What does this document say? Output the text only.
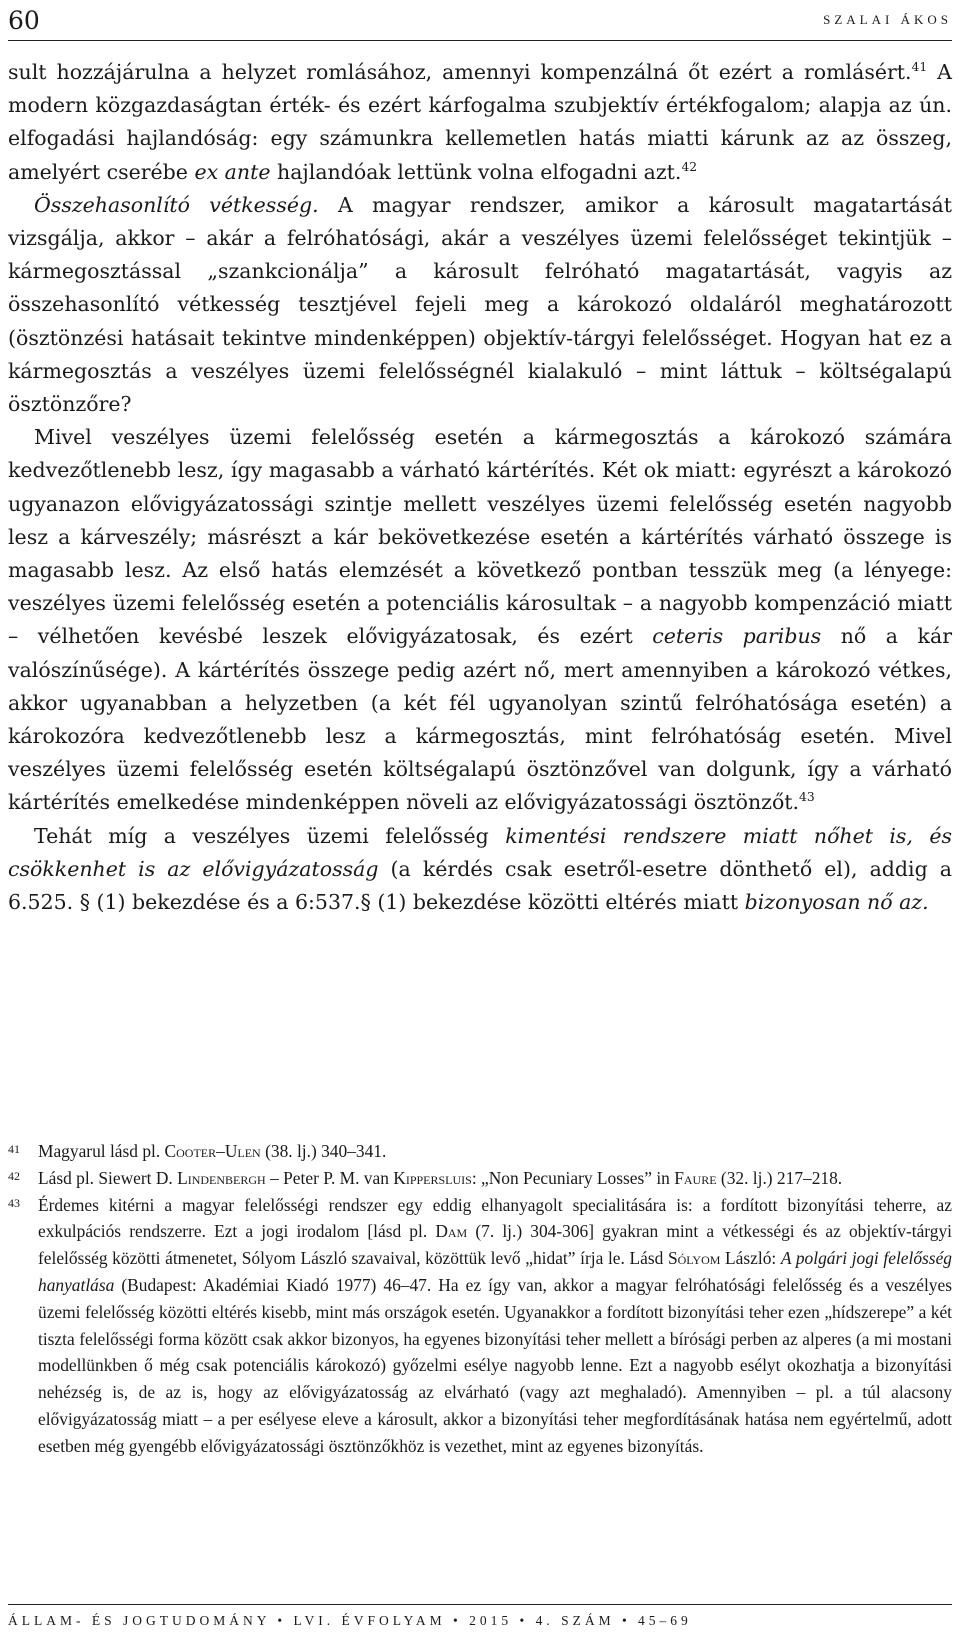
60	SZALAI ÁKOS

sult hozzájárulna a helyzet romlásához, amennyi kompenzálná őt ezért a romlásért.$^{41}$ A modern közgazdaságtan érték- és ezért kárfogalma szubjektív értékfogalom; alapja az ún. elfogadási hajlandóság: egy számunkra kellemetlen hatás miatti kárunk az az összeg, amelyért cserébe ex ante hajlandóak lettünk volna elfogadni azt.$^{42}$

Összehasonlító vétkesség. A magyar rendszer, amikor a károsult magatartását vizsgálja, akkor – akár a felróhatósági, akár a veszélyes üzemi felelősséget tekintjük – kármegosztással „szankcionálja” a károsult felróható magatartását, vagyis az összehasonlító vétkesség tesztjével fejeli meg a károkozó oldaláról meghatározott (ösztönzési hatásait tekintve mindenképpen) objektív-tárgyi felelősséget. Hogyan hat ez a kármegosztás a veszélyes üzemi felelősségnél kialakuló – mint láttuk – költségalapú ösztönzőre?

Mivel veszélyes üzemi felelősség esetén a kármegosztás a károkozó számára kedvezőtlenebb lesz, így magasabb a várható kártérítés. Két ok miatt: egyrészt a károkozó ugyanazon elővigyázatossági szintje mellett veszélyes üzemi felelősség esetén nagyobb lesz a kárveszély; másrészt a kár bekövetkezése esetén a kártérítés várható összege is magasabb lesz. Az első hatás elemzését a következő pontban tesszük meg (a lényege: veszélyes üzemi felelősség esetén a potenciális károsultak – a nagyobb kompenzáció miatt – vélhetően kevésbé leszek elővigyázatosak, és ezért ceteris paribus nő a kár valószínűsége). A kártérítés összege pedig azért nő, mert amennyiben a károkozó vétkes, akkor ugyanabban a helyzetben (a két fél ugyanolyan szintű felróhatósága esetén) a károkozóra kedvezőtlenebb lesz a kármegosztás, mint felróhatóság esetén. Mivel veszélyes üzemi felelősség esetén költségalapú ösztönzővel van dolgunk, így a várható kártérítés emelkedése mindenképpen növeli az elővigyázatossági ösztönzőt.$^{43}$

Tehát míg a veszélyes üzemi felelősség kimentési rendszere miatt nőhet is, és csökkenhet is az elővigyázatosság (a kérdés csak esetről-esetre dönthető el), addig a 6.525. § (1) bekezdése és a 6:537.§ (1) bekezdése közötti eltérés miatt bizonyosan nő az.

41 Magyarul lásd pl. Cooter–Ulen (38. lj.) 340–341.
42 Lásd pl. Siewert D. Lindenbergh – Peter P. M. van Kippersluis: „Non Pecuniary Losses” in Faure (32. lj.) 217–218.
43 Érdemes kitérni a magyar felelősségi rendszer egy eddig elhanyagolt specialitására is: a fordított bizonyítási teherre, az exkulpációs rendszerre. Ezt a jogi irodalom [lásd pl. Dam (7. lj.) 304-306] gyakran mint a vétkességi és az objektív-tárgyi felelősség közötti átmenetet, Sólyom László szavaival, közöttük levő „hidat” írja le. Lásd Sólyom László: A polgári jogi felelősség hanyatlása (Budapest: Akadémiai Kiadó 1977) 46–47. Ha ez így van, akkor a magyar felróhatósági felelősség és a veszélyes üzemi felelősség közötti eltérés kisebb, mint más országok esetén. Ugyanakkor a fordított bizonyítási teher ezen „hídszerepe” a két tiszta felelősségi forma között csak akkor bizonyos, ha egyenes bizonyítási teher mellett a bírósági perben az alperes (a mi mostani modellünkben ő még csak potenciális károkozó) győzelmi esélye nagyobb lenne. Ezt a nagyobb esélyt okozhatja a bizonyítási nehézség is, de az is, hogy az elővigyázatosság az elvárható (vagy azt meghaladó). Amennyiben – pl. a túl alacsony elővigyázatosság miatt – a per esélyese eleve a károsult, akkor a bizonyítási teher megfordításának hatása nem egyértelmű, adott esetben még gyengébb elővigyázatossági ösztönzőkhöz is vezethet, mint az egyenes bizonyítás.
ÁLLAM- ÉS JOGTUDOMÁNY • LVI. ÉVFOLYAM • 2015 • 4. SZÁM • 45–69
